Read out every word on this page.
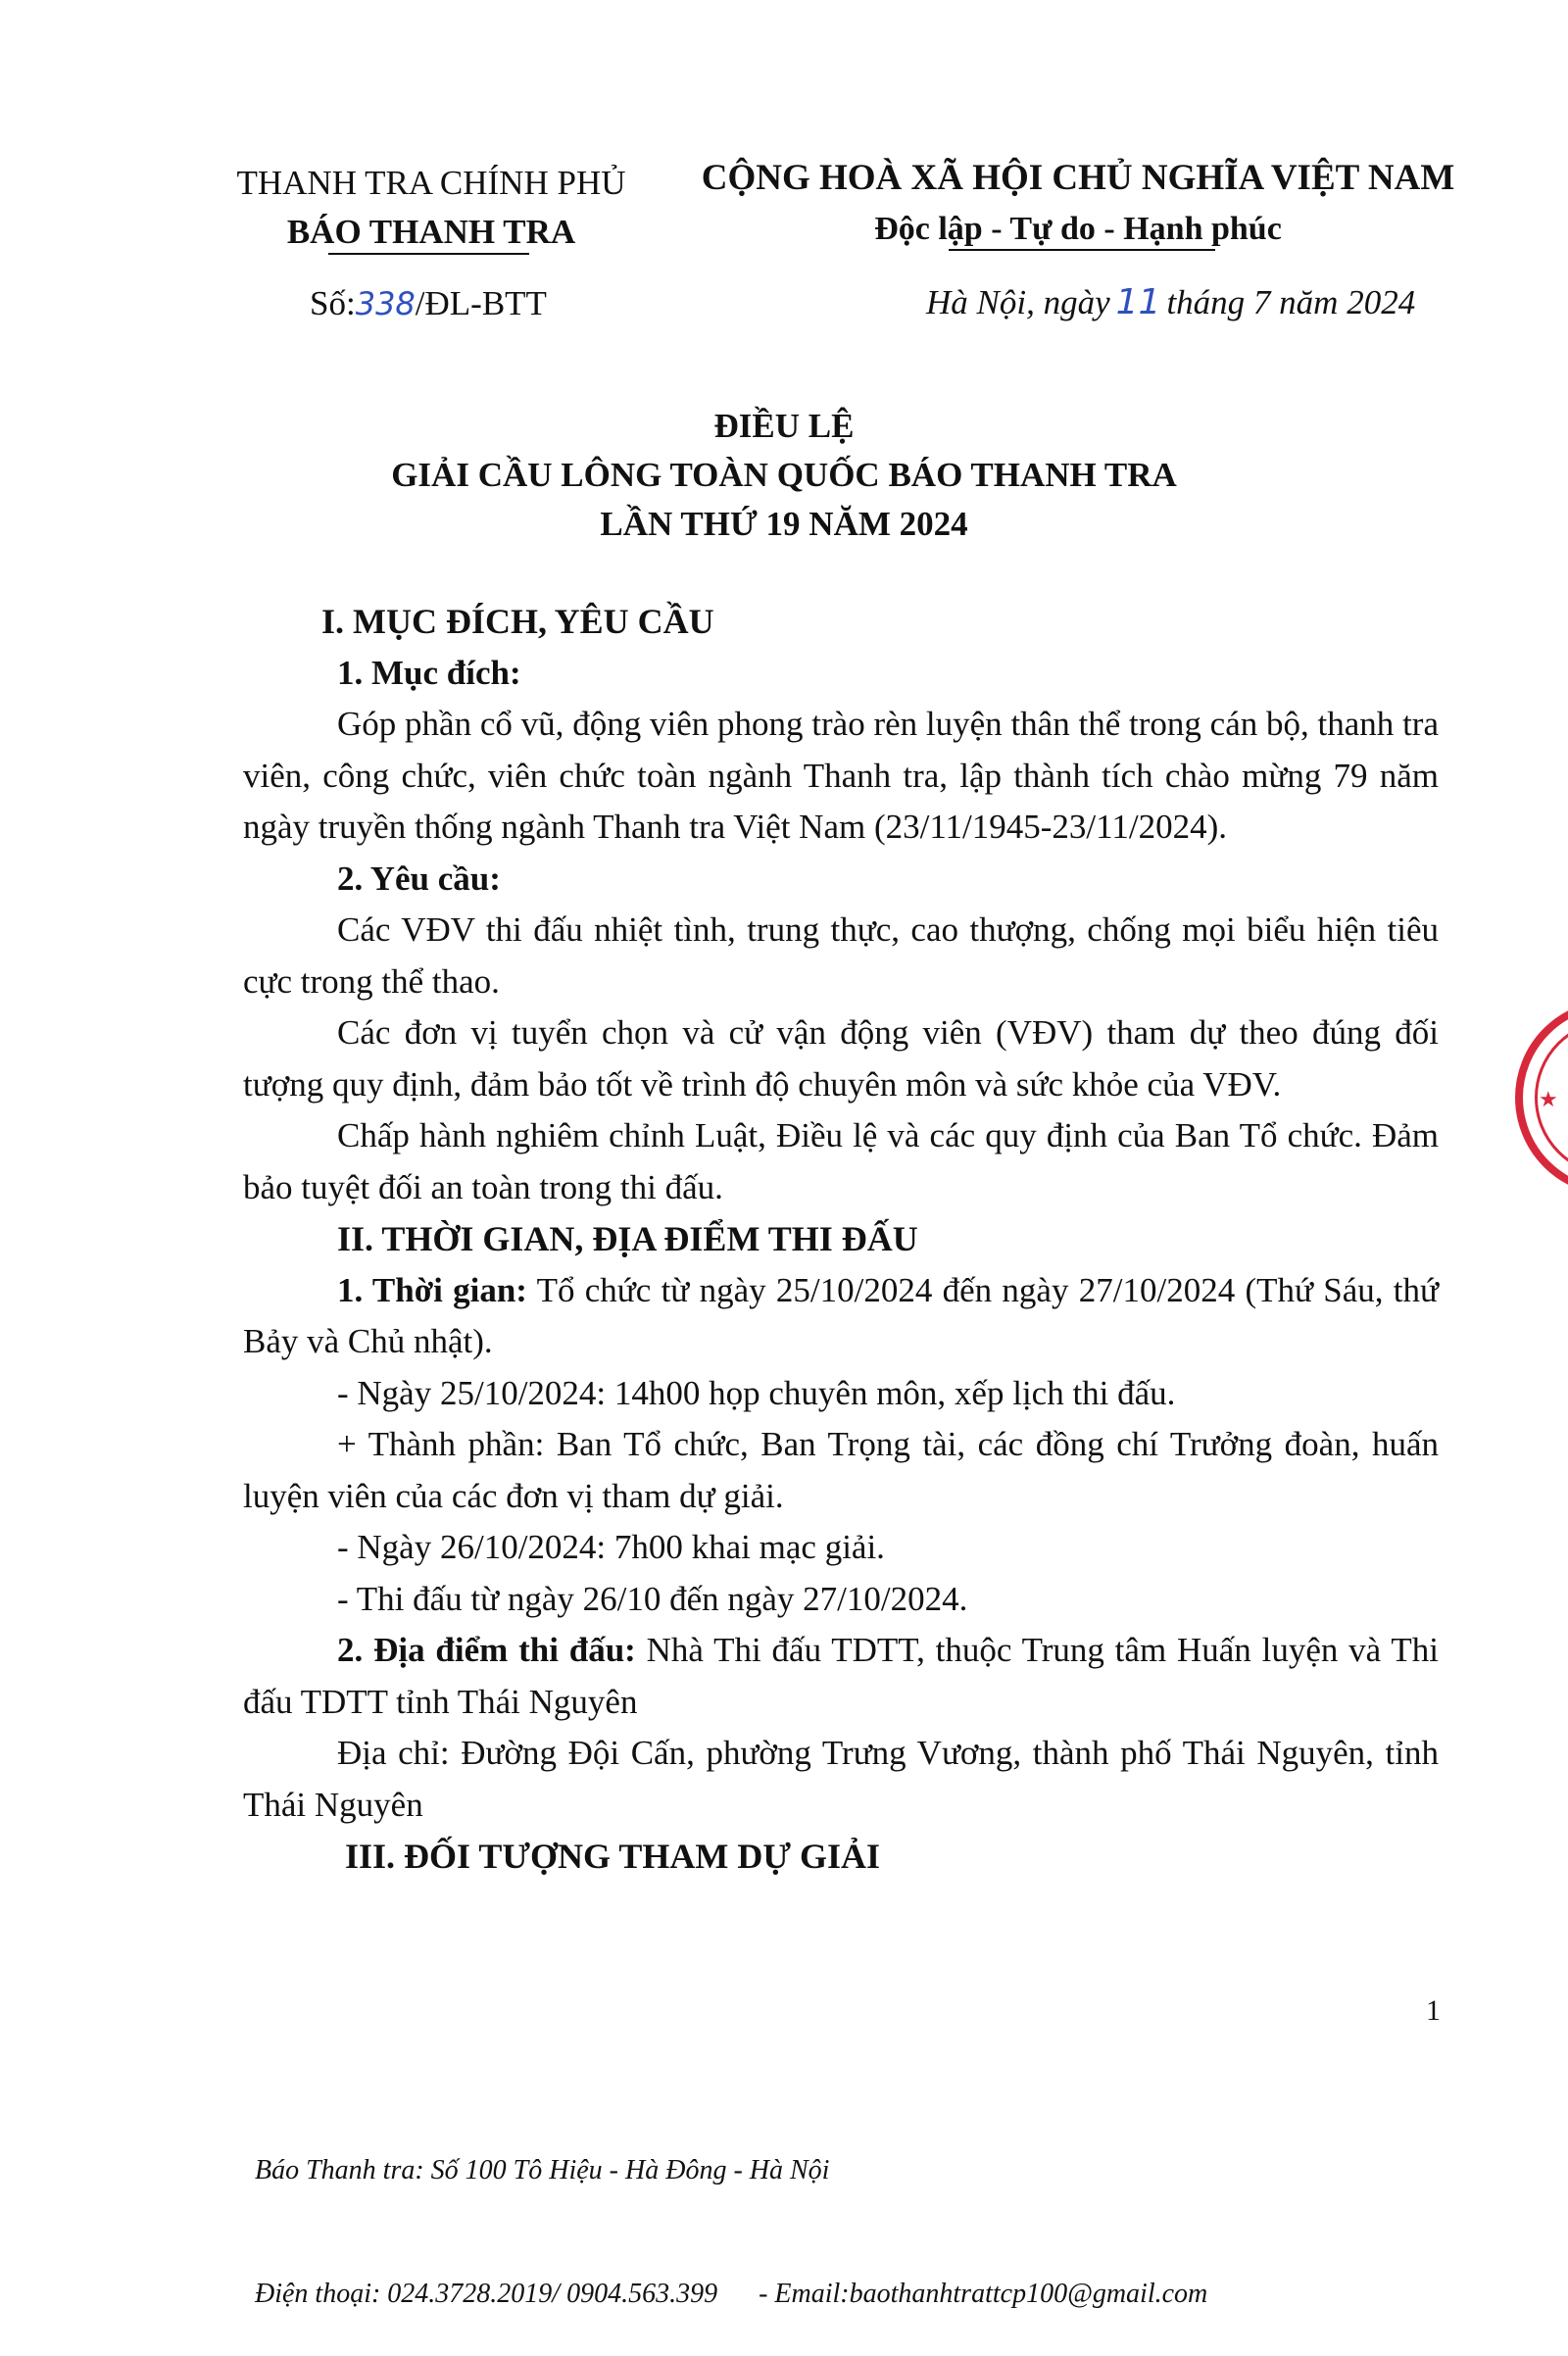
THANH TRA CHÍNH PHỦ
BÁO THANH TRA
CỘNG HOÀ XÃ HỘI CHỦ NGHĨA VIỆT NAM
Độc lập - Tự do - Hạnh phúc
Số:338/ĐL-BTT	Hà Nội, ngày 11 tháng 7 năm 2024
ĐIỀU LỆ
GIẢI CẦU LÔNG TOÀN QUỐC BÁO THANH TRA
LẦN THỨ 19 NĂM 2024

I. MỤC ĐÍCH, YÊU CẦU

1. Mục đích:

Góp phần cổ vũ, động viên phong trào rèn luyện thân thể trong cán bộ, thanh tra viên, công chức, viên chức toàn ngành Thanh tra, lập thành tích chào mừng 79 năm ngày truyền thống ngành Thanh tra Việt Nam (23/11/1945-23/11/2024).

2. Yêu cầu:

Các VĐV thi đấu nhiệt tình, trung thực, cao thượng, chống mọi biểu hiện tiêu cực trong thể thao.

Các đơn vị tuyển chọn và cử vận động viên (VĐV) tham dự theo đúng đối tượng quy định, đảm bảo tốt về trình độ chuyên môn và sức khỏe của VĐV.

Chấp hành nghiêm chỉnh Luật, Điều lệ và các quy định của Ban Tổ chức. Đảm bảo tuyệt đối an toàn trong thi đấu.

II. THỜI GIAN, ĐỊA ĐIỂM THI ĐẤU

1. Thời gian: Tổ chức từ ngày 25/10/2024 đến ngày 27/10/2024 (Thứ Sáu, thứ Bảy và Chủ nhật).

- Ngày 25/10/2024: 14h00 họp chuyên môn, xếp lịch thi đấu.

+ Thành phần: Ban Tổ chức, Ban Trọng tài, các đồng chí Trưởng đoàn, huấn luyện viên của các đơn vị tham dự giải.

- Ngày 26/10/2024: 7h00 khai mạc giải.

- Thi đấu từ ngày 26/10 đến ngày 27/10/2024.

2. Địa điểm thi đấu: Nhà Thi đấu TDTT, thuộc Trung tâm Huấn luyện và Thi đấu TDTT tỉnh Thái Nguyên

Địa chỉ: Đường Đội Cấn, phường Trưng Vương, thành phố Thái Nguyên, tỉnh Thái Nguyên

III. ĐỐI TƯỢNG THAM DỰ GIẢI

★
1

Báo Thanh tra: Số 100 Tô Hiệu - Hà Đông - Hà Nội

Điện thoại: 024.3728.2019/ 0904.563.399      - Email:baothanhtrattcp100@gmail.com
